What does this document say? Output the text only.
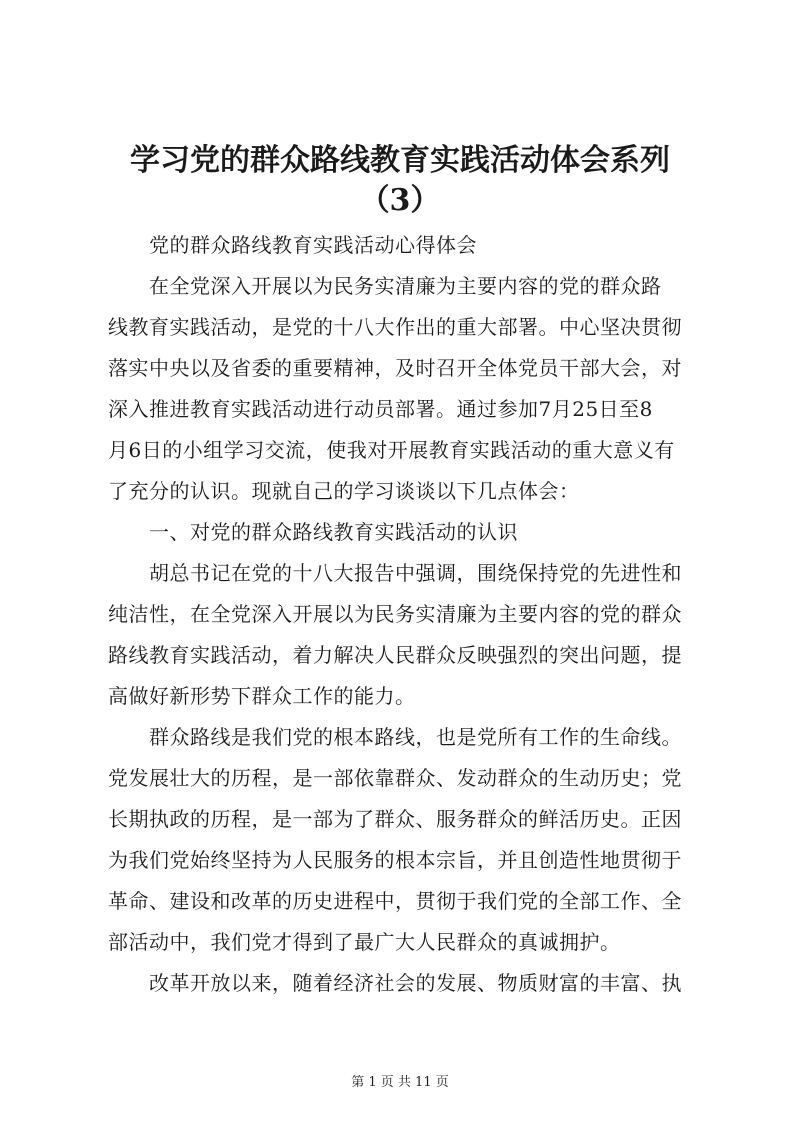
学习党的群众路线教育实践活动体会系列
（3）
　　党的群众路线教育实践活动心得体会
　　在全党深入开展以为民务实清廉为主要内容的党的群众路
线教育实践活动，是党的十八大作出的重大部署。中心坚决贯彻
落实中央以及省委的重要精神，及时召开全体党员干部大会，对
深入推进教育实践活动进行动员部署。通过参加7月25日至8
月6日的小组学习交流，使我对开展教育实践活动的重大意义有
了充分的认识。现就自己的学习谈谈以下几点体会：
　　一、对党的群众路线教育实践活动的认识
　　胡总书记在党的十八大报告中强调，围绕保持党的先进性和
纯洁性，在全党深入开展以为民务实清廉为主要内容的党的群众
路线教育实践活动，着力解决人民群众反映强烈的突出问题，提
高做好新形势下群众工作的能力。
　　群众路线是我们党的根本路线，也是党所有工作的生命线。
党发展壮大的历程，是一部依靠群众、发动群众的生动历史；党
长期执政的历程，是一部为了群众、服务群众的鲜活历史。正因
为我们党始终坚持为人民服务的根本宗旨，并且创造性地贯彻于
革命、建设和改革的历史进程中，贯彻于我们党的全部工作、全
部活动中，我们党才得到了最广大人民群众的真诚拥护。
　　改革开放以来，随着经济社会的发展、物质财富的丰富、执
第 1 页 共 11 页
